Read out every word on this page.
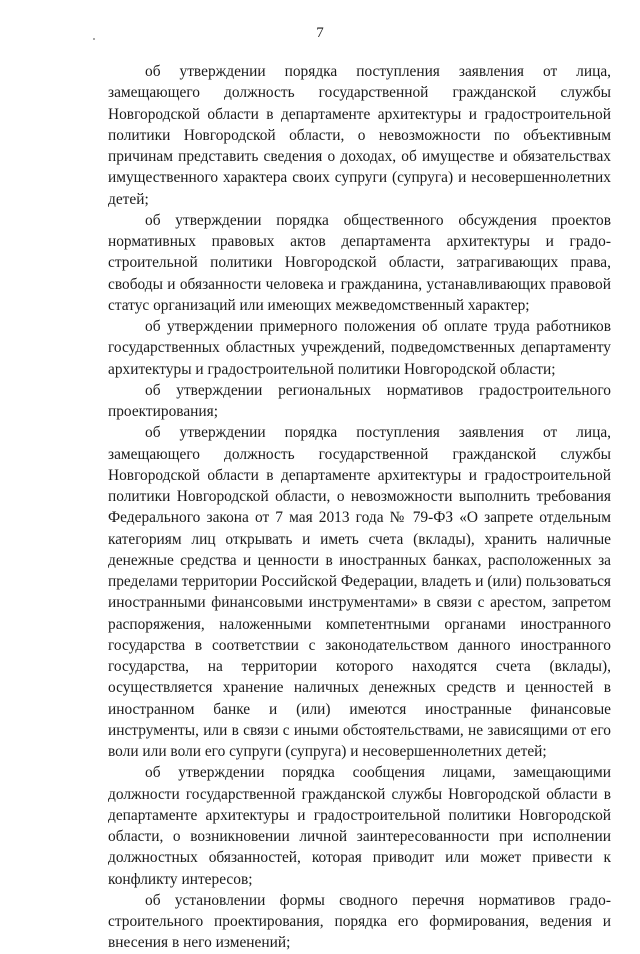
7

об утверждении порядка поступления заявления от лица, замещающего должность государственной гражданской службы Новгородской области в департаменте архитектуры и градостроительной политики Новгородской области, о невозможности по объективным причинам представить сведения о доходах, об имуществе и обязательствах имущественного характера своих супруги (супруга) и несовершеннолетних детей;

об утверждении порядка общественного обсуждения проектов нормативных правовых актов департамента архитектуры и градо-строительной политики Новгородской области, затрагивающих права, свободы и обязанности человека и гражданина, устанавливающих правовой статус организаций или имеющих межведомственный характер;

об утверждении примерного положения об оплате труда работников государственных областных учреждений, подведомственных департаменту архитектуры и градостроительной политики Новгородской области;

об утверждении региональных нормативов градостроительного проектирования;

об утверждении порядка поступления заявления от лица, замещающего должность государственной гражданской службы Новгородской области в департаменте архитектуры и градостроительной политики Новгородской области, о невозможности выполнить требования Федерального закона от 7 мая 2013 года № 79-ФЗ «О запрете отдельным категориям лиц открывать и иметь счета (вклады), хранить наличные денежные средства и ценности в иностранных банках, расположенных за пределами территории Российской Федерации, владеть и (или) пользоваться иностранными финансовыми инструментами» в связи с арестом, запретом распоряжения, наложенными компетентными органами иностранного государства в соответствии с законодательством данного иностранного государства, на территории которого находятся счета (вклады), осуществляется хранение наличных денежных средств и ценностей в иностранном банке и (или) имеются иностранные финансовые инструменты, или в связи с иными обстоятельствами, не зависящими от его воли или воли его супруги (супруга) и несовершеннолетних детей;

об утверждении порядка сообщения лицами, замещающими должности государственной гражданской службы Новгородской области в департаменте архитектуры и градостроительной политики Новгородской области, о возникновении личной заинтересованности при исполнении должностных обязанностей, которая приводит или может привести к конфликту интересов;

об установлении формы сводного перечня нормативов градо-строительного проектирования, порядка его формирования, ведения и внесения в него изменений;
